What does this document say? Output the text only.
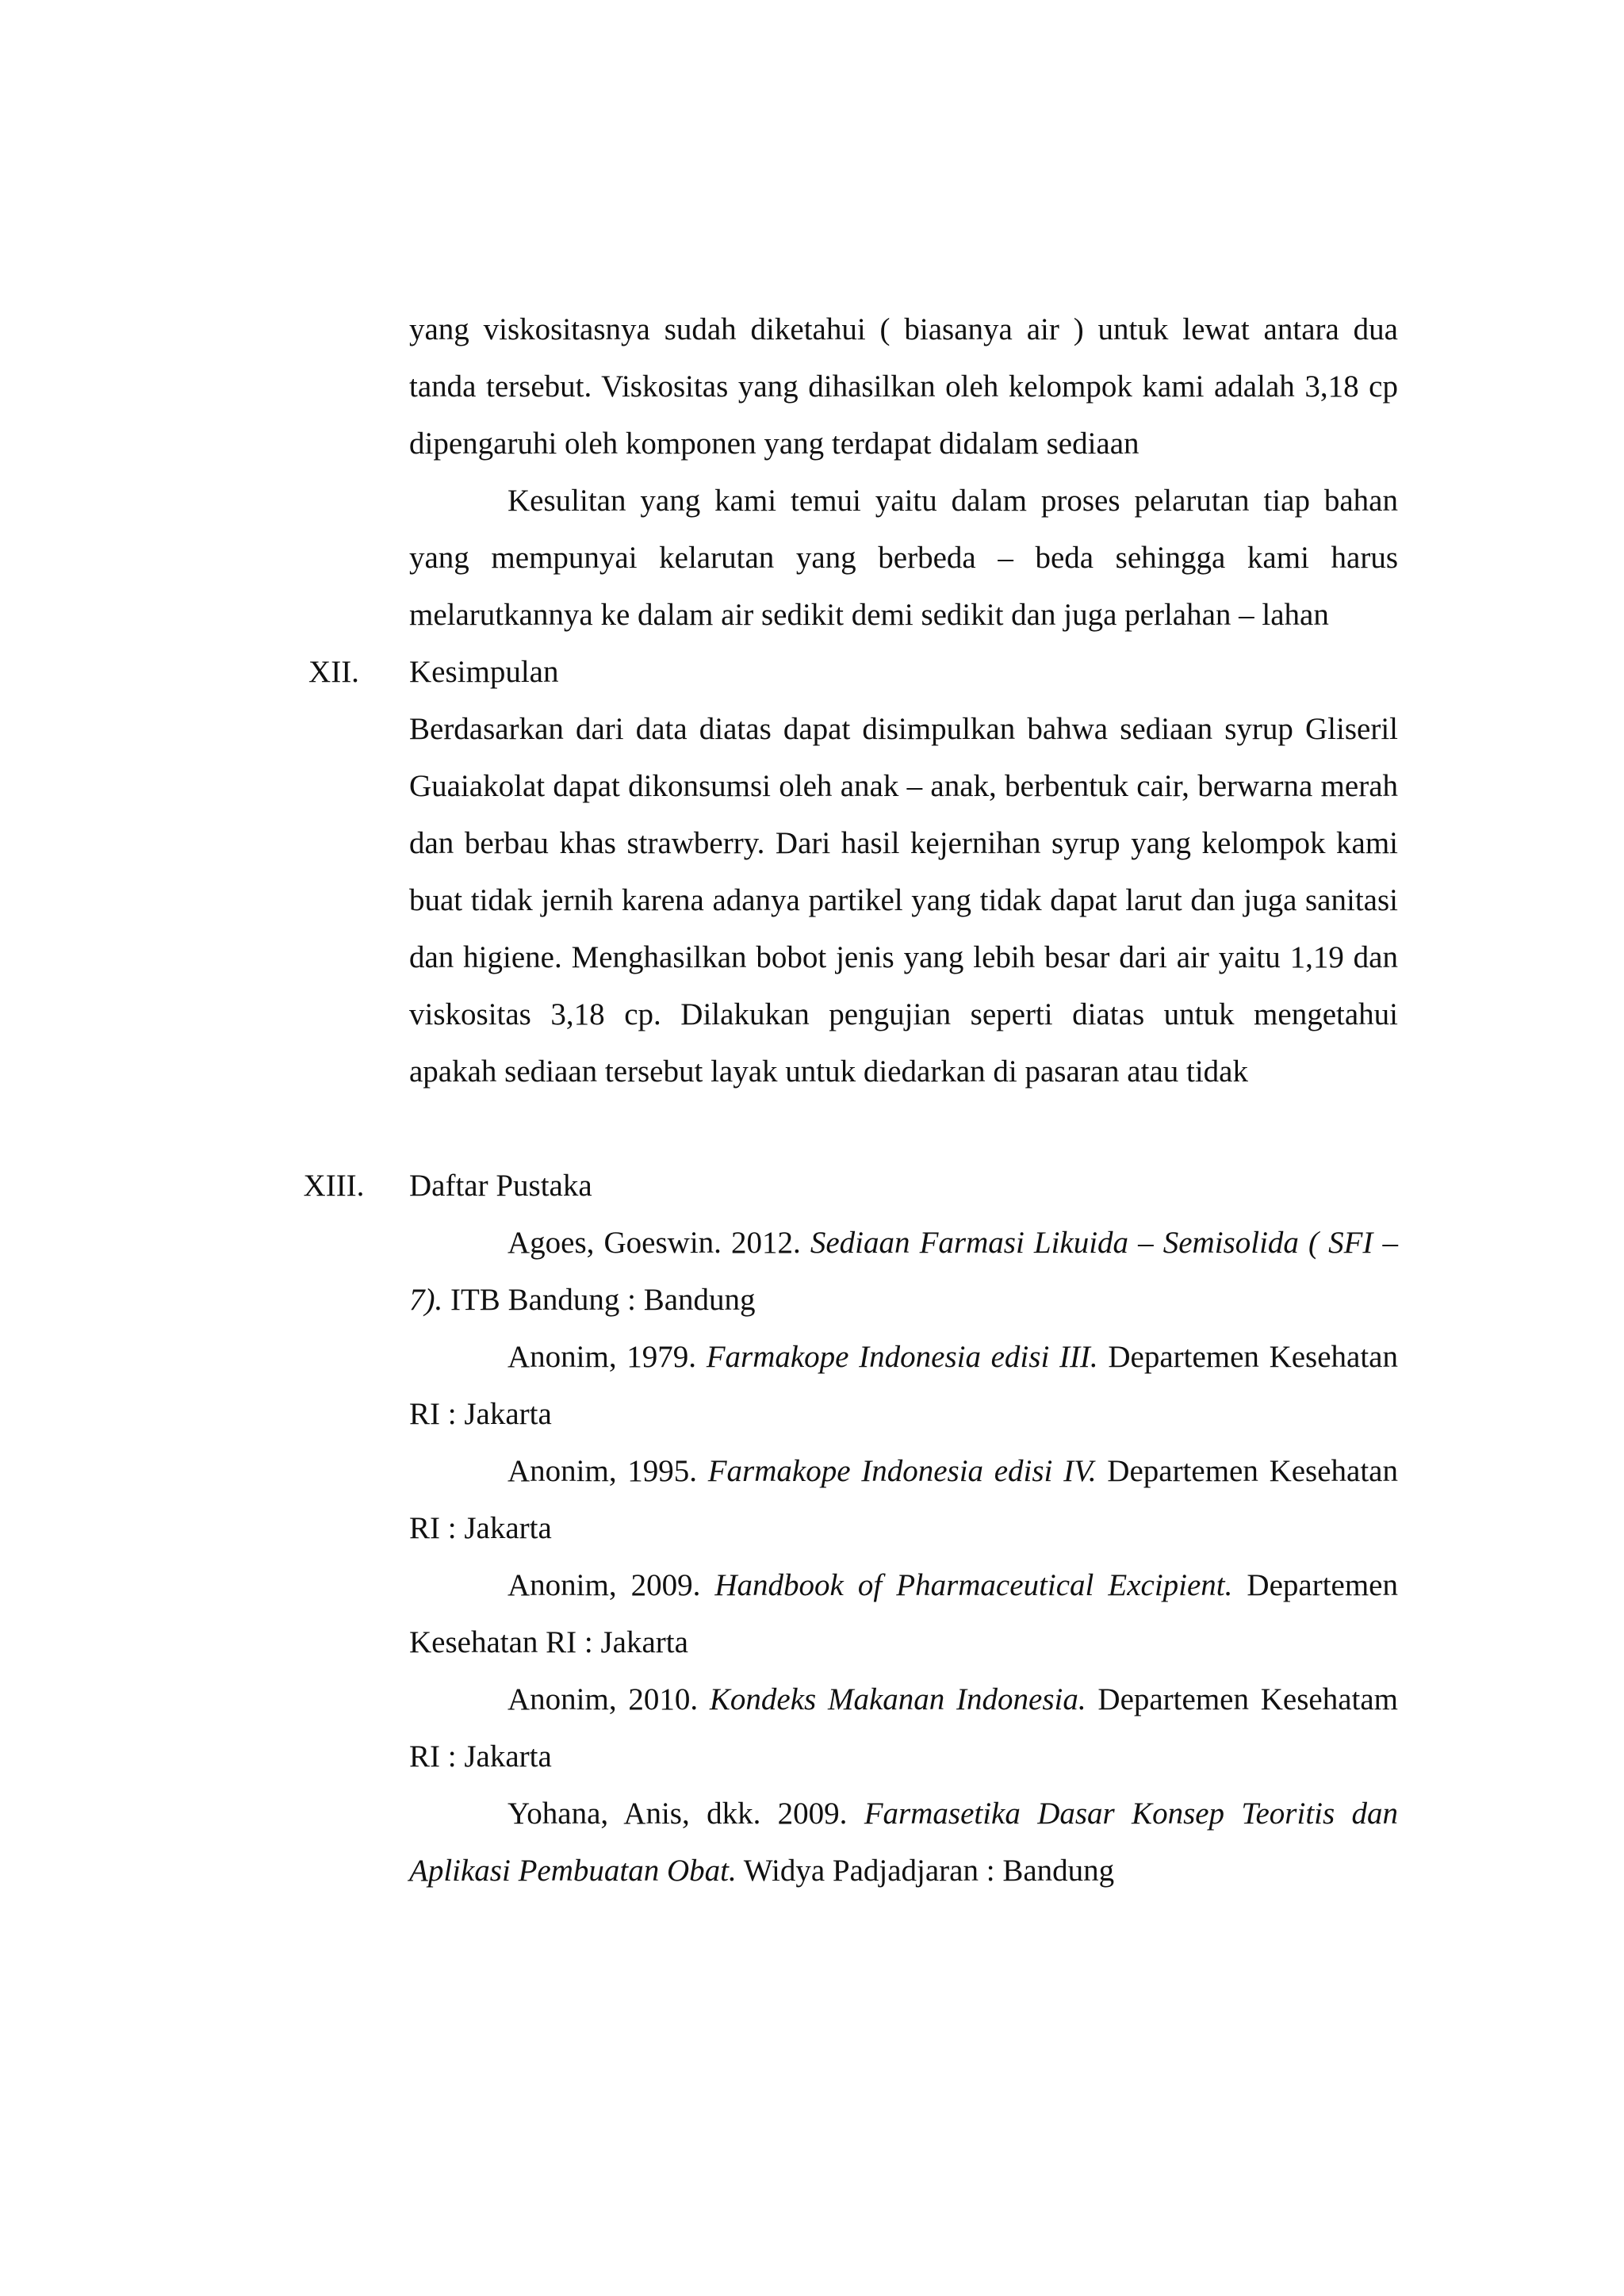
yang viskositasnya sudah diketahui ( biasanya air ) untuk lewat antara dua tanda tersebut. Viskositas yang dihasilkan oleh kelompok kami adalah 3,18 cp dipengaruhi oleh komponen yang terdapat didalam sediaan

Kesulitan yang kami temui yaitu dalam proses pelarutan tiap bahan yang mempunyai kelarutan yang berbeda – beda sehingga kami harus melarutkannya ke dalam air sedikit demi sedikit dan juga perlahan – lahan

XII.	Kesimpulan

Berdasarkan dari data diatas dapat disimpulkan bahwa sediaan syrup Gliseril Guaiakolat dapat dikonsumsi oleh anak – anak, berbentuk cair, berwarna merah dan berbau khas strawberry. Dari hasil kejernihan syrup yang kelompok kami buat tidak jernih karena adanya partikel yang tidak dapat larut dan juga sanitasi dan higiene. Menghasilkan bobot jenis yang lebih besar dari air yaitu 1,19 dan viskositas 3,18 cp. Dilakukan pengujian seperti diatas untuk mengetahui apakah sediaan tersebut layak untuk diedarkan di pasaran atau tidak

XIII.	Daftar Pustaka

Agoes, Goeswin. 2012. Sediaan Farmasi Likuida – Semisolida ( SFI – 7). ITB Bandung : Bandung

Anonim, 1979. Farmakope Indonesia edisi III. Departemen Kesehatan RI : Jakarta

Anonim, 1995. Farmakope Indonesia edisi IV. Departemen Kesehatan RI : Jakarta

Anonim, 2009. Handbook of Pharmaceutical Excipient. Departemen Kesehatan RI : Jakarta

Anonim, 2010. Kondeks Makanan Indonesia. Departemen Kesehatam RI : Jakarta

Yohana, Anis, dkk. 2009. Farmasetika Dasar Konsep Teoritis dan Aplikasi Pembuatan Obat. Widya Padjadjaran : Bandung
